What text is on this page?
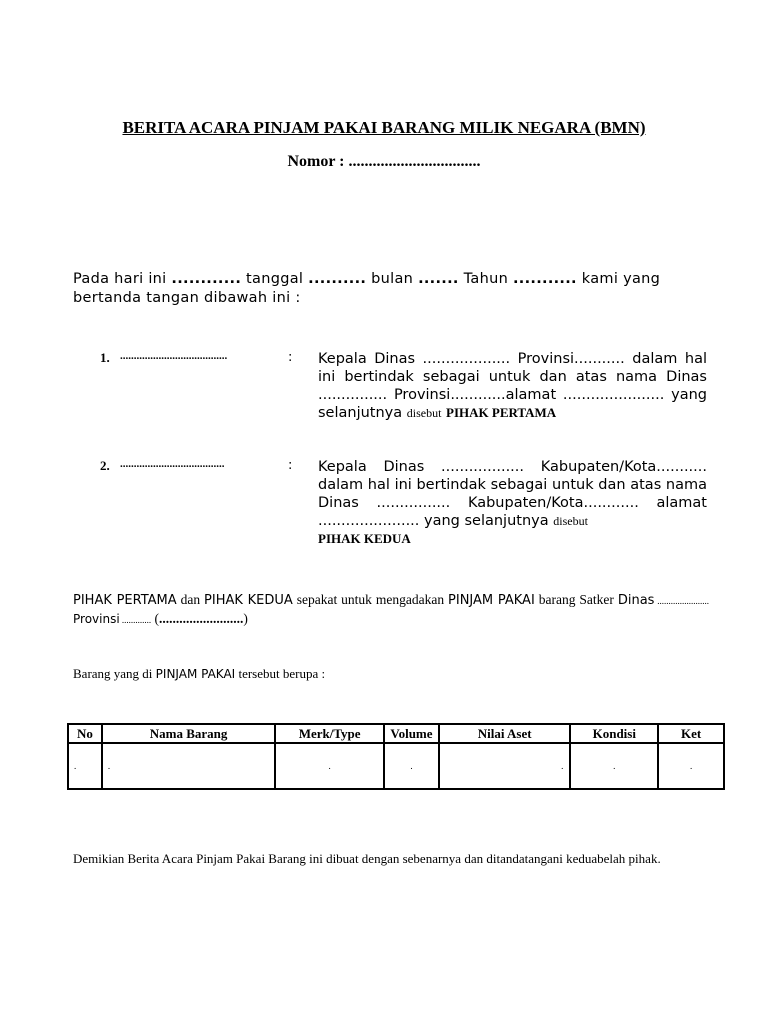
BERITA ACARA PINJAM PAKAI BARANG MILIK NEGARA (BMN)
Nomor : .................................
Pada hari ini ............ tanggal .......... bulan ....... Tahun ........... kami yang bertanda tangan dibawah ini :
1. .......................................	: Kepala Dinas ................... Provinsi........... dalam hal ini bertindak sebagai untuk dan atas nama Dinas ............... Provinsi............alamat ...................... yang selanjutnya disebut PIHAK PERTAMA
2. ......................................	: Kepala Dinas .................. Kabupaten/Kota........... dalam hal ini bertindak sebagai untuk dan atas nama Dinas ................ Kabupaten/Kota............ alamat ...................... yang selanjutnya disebut
PIHAK KEDUA
PIHAK PERTAMA dan PIHAK KEDUA sepakat untuk mengadakan PINJAM PAKAI barang Satker Dinas ....................... Provinsi ............. (.........................)
Barang yang di PINJAM PAKAI tersebut berupa :
No	Nama Barang	Merk/Type	Volume	Nilai Aset	Kondisi	Ket
.	.	.	.	.	.	.
Demikian Berita Acara Pinjam Pakai Barang ini dibuat dengan sebenarnya dan ditandatangani keduabelah pihak.
